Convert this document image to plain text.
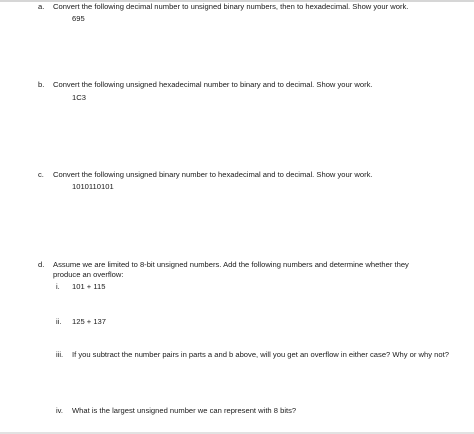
a. Convert the following decimal number to unsigned binary numbers, then to hexadecimal. Show your work.
695
b. Convert the following unsigned hexadecimal number to binary and to decimal. Show your work.
1C3
c. Convert the following unsigned binary number to hexadecimal and to decimal. Show your work.
1010110101
d. Assume we are limited to 8-bit unsigned numbers. Add the following numbers and determine whether they produce an overflow:
i. 101 + 115
ii. 125 + 137
iii. If you subtract the number pairs in parts a and b above, will you get an overflow in either case? Why or why not?
iv. What is the largest unsigned number we can represent with 8 bits?
